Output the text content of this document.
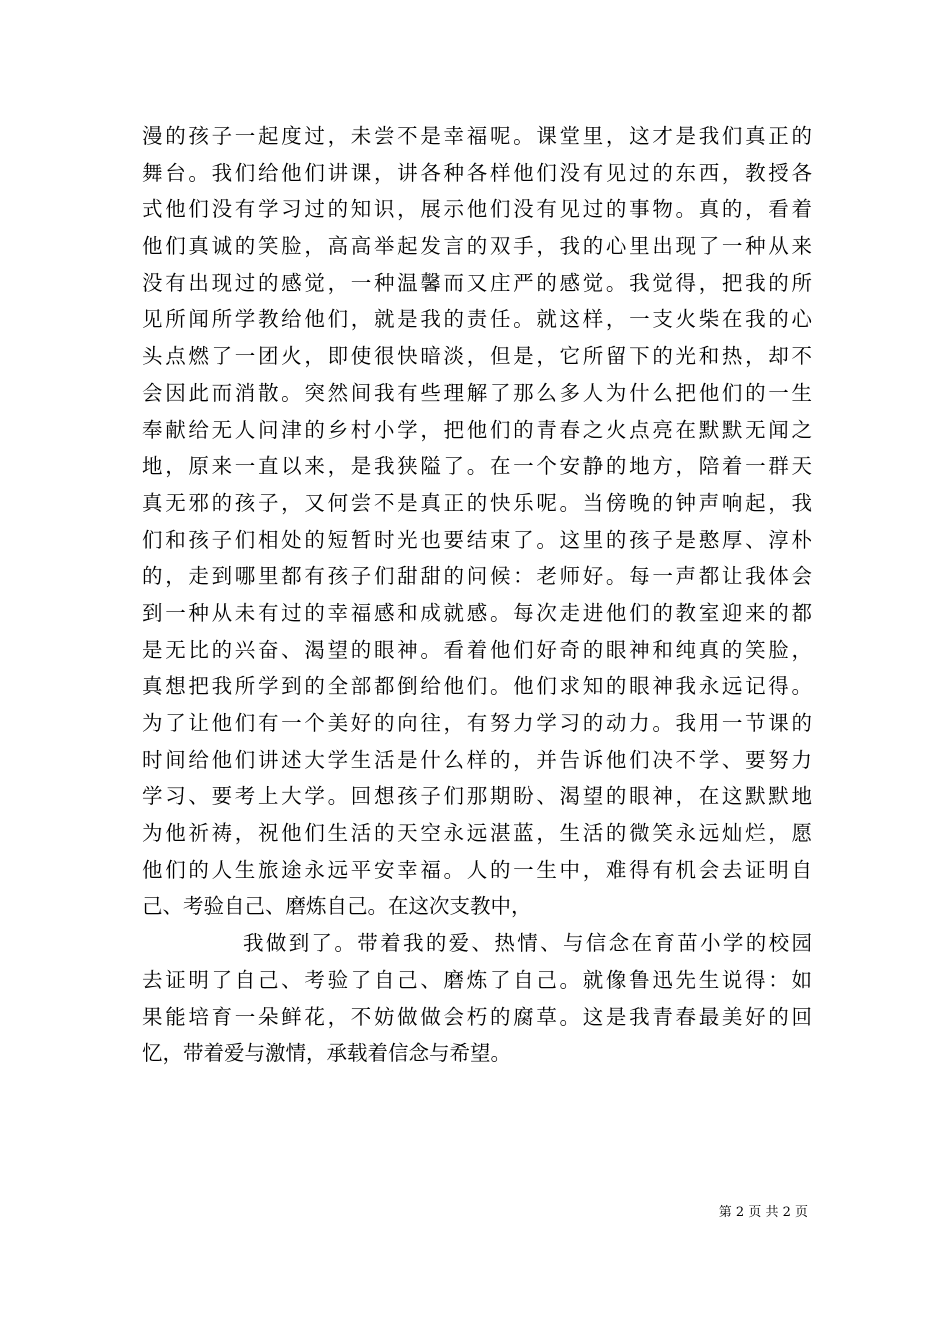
漫的孩子一起度过，未尝不是幸福呢。课堂里，这才是我们真正的
舞台。我们给他们讲课，讲各种各样他们没有见过的东西，教授各
式他们没有学习过的知识，展示他们没有见过的事物。真的，看着
他们真诚的笑脸，高高举起发言的双手，我的心里出现了一种从来
没有出现过的感觉，一种温馨而又庄严的感觉。我觉得，把我的所
见所闻所学教给他们，就是我的责任。就这样，一支火柴在我的心
头点燃了一团火，即使很快暗淡，但是，它所留下的光和热，却不
会因此而消散。突然间我有些理解了那么多人为什么把他们的一生
奉献给无人问津的乡村小学，把他们的青春之火点亮在默默无闻之
地，原来一直以来，是我狭隘了。在一个安静的地方，陪着一群天
真无邪的孩子，又何尝不是真正的快乐呢。当傍晚的钟声响起，我
们和孩子们相处的短暂时光也要结束了。这里的孩子是憨厚、淳朴
的，走到哪里都有孩子们甜甜的问候：老师好。每一声都让我体会
到一种从未有过的幸福感和成就感。每次走进他们的教室迎来的都
是无比的兴奋、渴望的眼神。看着他们好奇的眼神和纯真的笑脸，
真想把我所学到的全部都倒给他们。他们求知的眼神我永远记得。
为了让他们有一个美好的向往，有努力学习的动力。我用一节课的
时间给他们讲述大学生活是什么样的，并告诉他们决不学、要努力
学习、要考上大学。回想孩子们那期盼、渴望的眼神，在这默默地
为他祈祷，祝他们生活的天空永远湛蓝，生活的微笑永远灿烂，愿
他们的人生旅途永远平安幸福。人的一生中，难得有机会去证明自
己、考验自己、磨炼自己。在这次支教中，
我做到了。带着我的爱、热情、与信念在育苗小学的校园
去证明了自己、考验了自己、磨炼了自己。就像鲁迅先生说得：如
果能培育一朵鲜花，不妨做做会朽的腐草。这是我青春最美好的回
忆，带着爱与激情，承载着信念与希望。
第 2 页 共 2 页
